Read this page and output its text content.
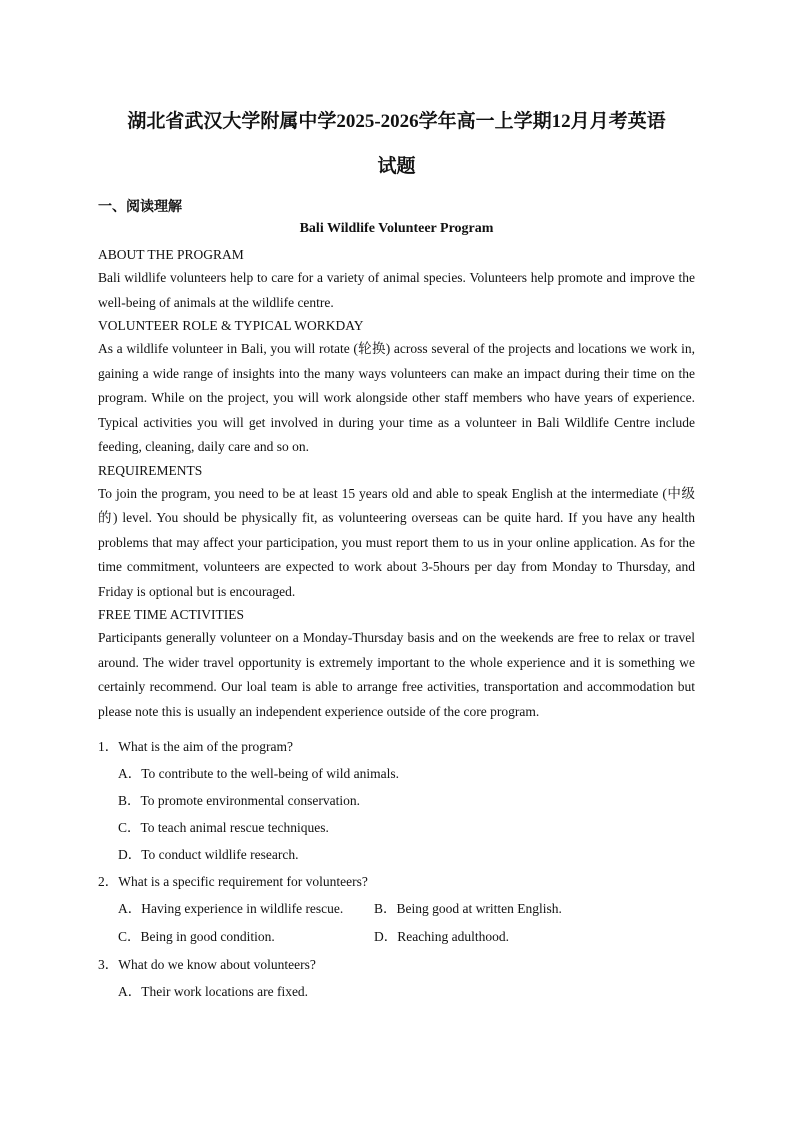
湖北省武汉大学附属中学2025-2026学年高一上学期12月月考英语
试题
一、阅读理解
Bali Wildlife Volunteer Program
ABOUT THE PROGRAM
Bali wildlife volunteers help to care for a variety of animal species. Volunteers help promote and improve the well-being of animals at the wildlife centre.
VOLUNTEER ROLE & TYPICAL WORKDAY
As a wildlife volunteer in Bali, you will rotate (轮换) across several of the projects and locations we work in, gaining a wide range of insights into the many ways volunteers can make an impact during their time on the program. While on the project, you will work alongside other staff members who have years of experience. Typical activities you will get involved in during your time as a volunteer in Bali Wildlife Centre include feeding, cleaning, daily care and so on.
REQUIREMENTS
To join the program, you need to be at least 15 years old and able to speak English at the intermediate (中级的) level. You should be physically fit, as volunteering overseas can be quite hard. If you have any health problems that may affect your participation, you must report them to us in your online application. As for the time commitment, volunteers are expected to work about 3-5hours per day from Monday to Thursday, and Friday is optional but is encouraged.
FREE TIME ACTIVITIES
Participants generally volunteer on a Monday-Thursday basis and on the weekends are free to relax or travel around. The wider travel opportunity is extremely important to the whole experience and it is something we certainly recommend. Our loal team is able to arrange free activities, transportation and accommodation but please note this is usually an independent experience outside of the core program.
1．What is the aim of the program?
A．To contribute to the well-being of wild animals.
B．To promote environmental conservation.
C．To teach animal rescue techniques.
D．To conduct wildlife research.
2．What is a specific requirement for volunteers?
A．Having experience in wildlife rescue.	B．Being good at written English.
C．Being in good condition.	D．Reaching adulthood.
3．What do we know about volunteers?
A．Their work locations are fixed.
